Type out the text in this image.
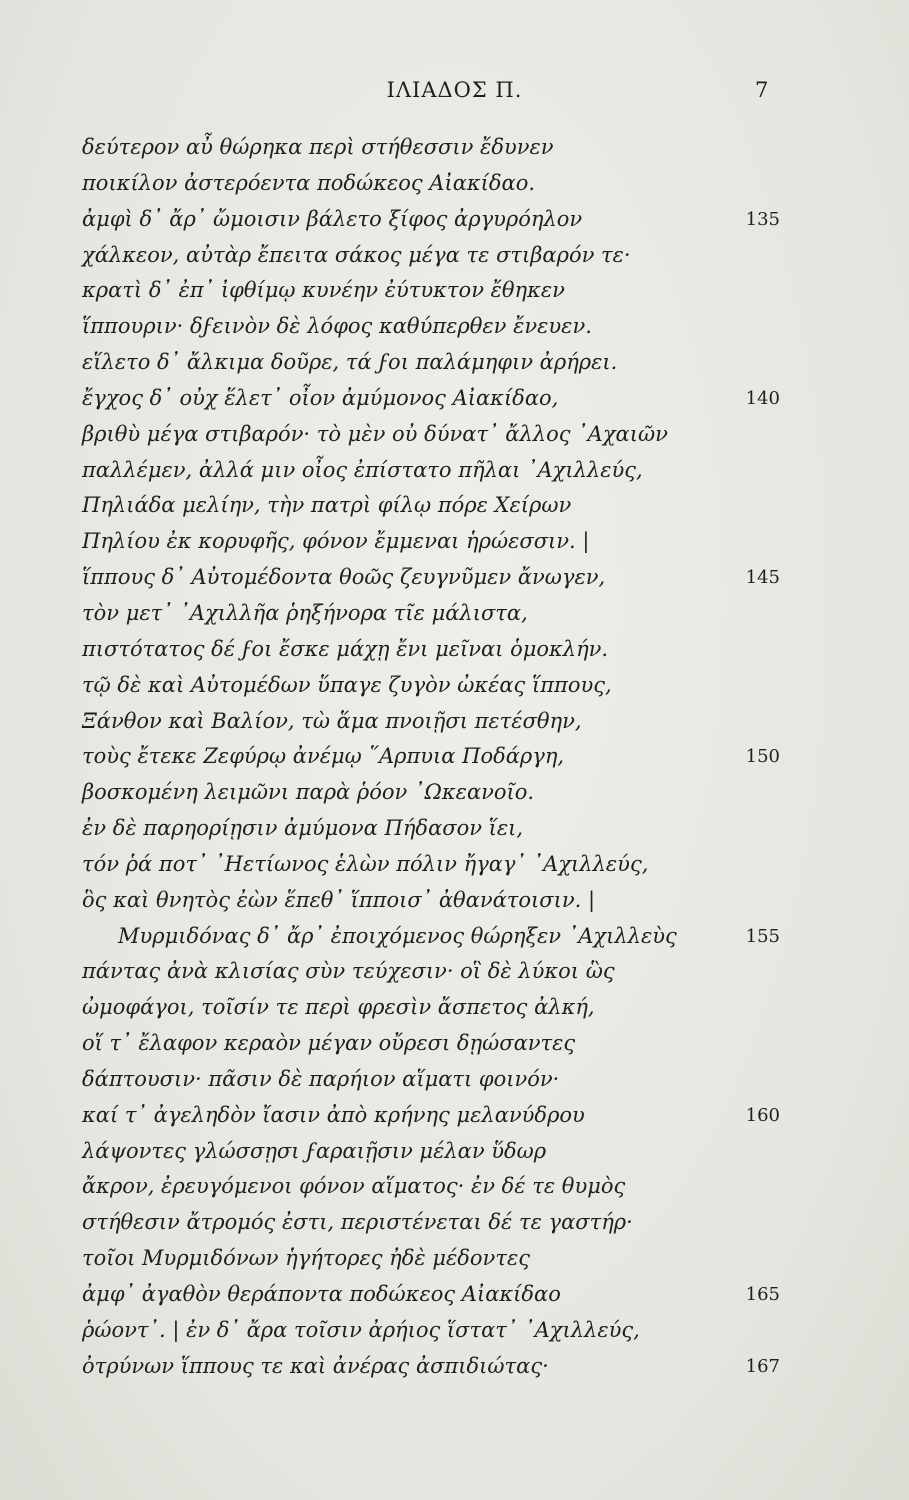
ΙΛΙΑΔΟΣ Π.	7
δεύτερον αὖ θώρηκα περὶ στήθεσσιν ἔδυνεν
ποικίλον ἀστερόεντα ποδώκεος Αἰακίδαο.
ἀμφὶ δ᾿ ἄρ᾿ ὤμοισιν βάλετο ξίφος ἀργυρόηλον	135
χάλκεον, αὐτὰρ ἔπειτα σάκος μέγα τε στιβαρόν τε·
κρατὶ δ᾿ ἐπ᾿ ἰφθίμῳ κυνέην ἐύτυκτον ἔθηκεν
ἵππουριν· δϝεινὸν δὲ λόφος καθύπερθεν ἔνευεν.
εἵλετο δ᾿ ἄλκιμα δοῦρε, τά ϝοι παλάμηφιν ἀρήρει.
ἔγχος δ᾿ οὐχ ἕλετ᾿ οἶον ἀμύμονος Αἰακίδαο,	140
βριθὺ μέγα στιβαρόν· τὸ μὲν οὐ δύνατ᾿ ἄλλος ᾿Αχαιῶν
παλλέμεν, ἀλλά μιν οἶος ἐπίστατο πῆλαι ᾿Αχιλλεύς,
Πηλιάδα μελίην, τὴν πατρὶ φίλῳ πόρε Χείρων
Πηλίου ἐκ κορυφῆς, φόνον ἔμμεναι ἡρώεσσιν. |
ἵππους δ᾿ Αὐτομέδοντα θοῶς ζευγνῦμεν ἄνωγεν,	145
τὸν μετ᾿ ᾿Αχιλλῆα ῥηξήνορα τῖε μάλιστα,
πιστότατος δέ ϝοι ἔσκε μάχῃ ἔνι μεῖναι ὁμοκλήν.
τῷ δὲ καὶ Αὐτομέδων ὕπαγε ζυγὸν ὠκέας ἵππους,
Ξάνθον καὶ Βαλίον, τὼ ἅμα πνοιῇσι πετέσθην,
τοὺς ἔτεκε Ζεφύρῳ ἀνέμῳ ῞Αρπυια Ποδάργη,	150
βοσκομένη λειμῶνι παρὰ ῥόον ᾿Ωκεανοῖο.
ἐν δὲ παρηορίῃσιν ἀμύμονα Πήδασον ἵει,
τόν ῥά ποτ᾿ ᾿Ηετίωνος ἑλὼν πόλιν ἤγαγ᾿ ᾿Αχιλλεύς,
ὃς καὶ θνητὸς ἐὼν ἕπεθ᾿ ἵπποισ᾿ ἀθανάτοισιν. |
Μυρμιδόνας δ᾿ ἄρ᾿ ἐποιχόμενος θώρηξεν ᾿Αχιλλεὺς	155
πάντας ἀνὰ κλισίας σὺν τεύχεσιν· οἳ δὲ λύκοι ὣς
ὠμοφάγοι, τοῖσίν τε περὶ φρεσὶν ἄσπετος ἀλκή,
οἵ τ᾿ ἔλαφον κεραὸν μέγαν οὔρεσι δῃώσαντες
δάπτουσιν· πᾶσιν δὲ παρήιον αἵματι φοινόν·
καί τ᾿ ἀγεληδὸν ἴασιν ἀπὸ κρήνης μελανύδρου	160
λάψοντες γλώσσῃσι ϝαραιῇσιν μέλαν ὕδωρ
ἄκρον, ἐρευγόμενοι φόνον αἵματος· ἐν δέ τε θυμὸς
στήθεσιν ἄτρομός ἐστι, περιστένεται δέ τε γαστήρ·
τοῖοι Μυρμιδόνων ἡγήτορες ἠδὲ μέδοντες
ἀμφ᾿ ἀγαθὸν θεράποντα ποδώκεος Αἰακίδαο	165
ῥώοντ᾿. | ἐν δ᾿ ἄρα τοῖσιν ἀρήιος ἵστατ᾿ ᾿Αχιλλεύς,
ὀτρύνων ἵππους τε καὶ ἀνέρας ἀσπιδιώτας·	167
